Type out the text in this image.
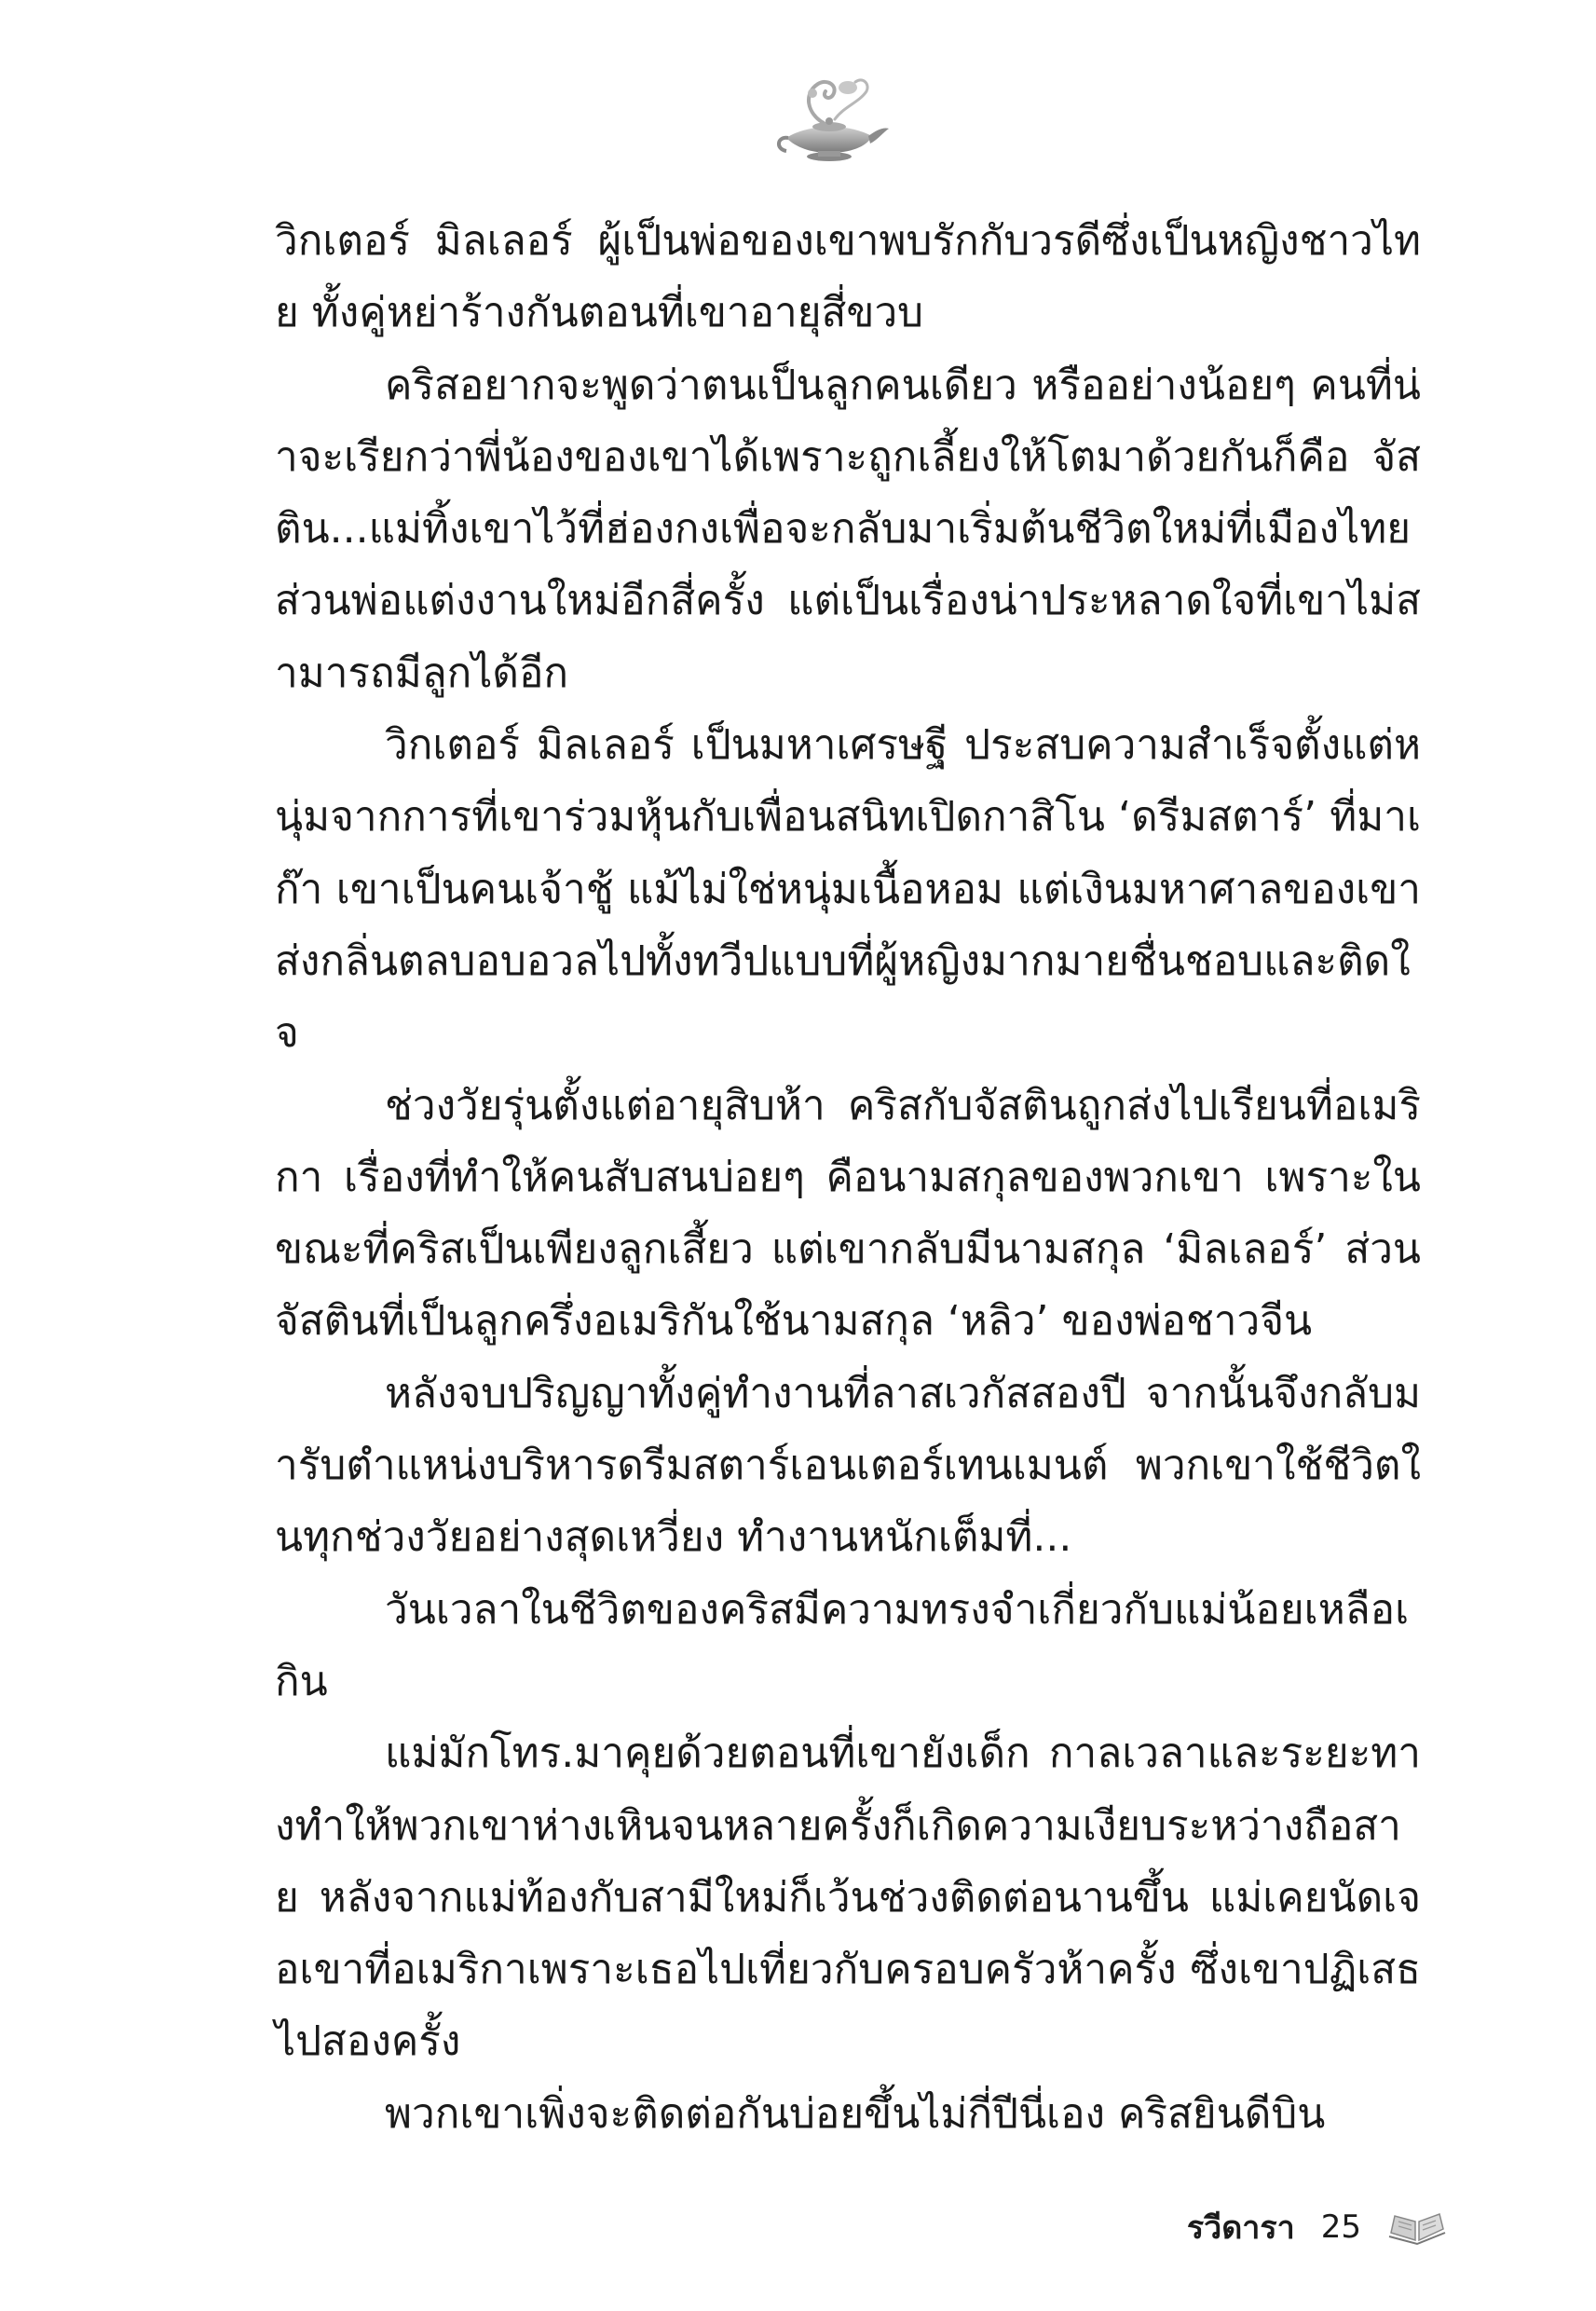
วิกเตอร์ มิลเลอร์ ผู้เป็นพ่อของเขาพบรักกับวรดีซึ่งเป็นหญิงชาวไทย ทั้งคู่หย่าร้างกันตอนที่เขาอายุสี่ขวบ

คริสอยากจะพูดว่าตนเป็นลูกคนเดียว หรืออย่างน้อยๆ คนที่น่าจะเรียกว่าพี่น้องของเขาได้เพราะถูกเลี้ยงให้โตมาด้วยกันก็คือ จัสติน...แม่ทิ้งเขาไว้ที่ฮ่องกงเพื่อจะกลับมาเริ่มต้นชีวิตใหม่ที่เมืองไทย ส่วนพ่อแต่งงานใหม่อีกสี่ครั้ง แต่เป็นเรื่องน่าประหลาดใจที่เขาไม่สามารถมีลูกได้อีก

วิกเตอร์ มิลเลอร์ เป็นมหาเศรษฐี ประสบความสำเร็จตั้งแต่หนุ่มจากการที่เขาร่วมหุ้นกับเพื่อนสนิทเปิดกาสิโน ‘ดรีมสตาร์’ ที่มาเก๊า เขาเป็นคนเจ้าชู้ แม้ไม่ใช่หนุ่มเนื้อหอม แต่เงินมหาศาลของเขาส่งกลิ่นตลบอบอวลไปทั้งทวีปแบบที่ผู้หญิงมากมายชื่นชอบและติดใจ

ช่วงวัยรุ่นตั้งแต่อายุสิบห้า คริสกับจัสตินถูกส่งไปเรียนที่อเมริกา เรื่องที่ทำให้คนสับสนบ่อยๆ คือนามสกุลของพวกเขา เพราะในขณะที่คริสเป็นเพียงลูกเสี้ยว แต่เขากลับมีนามสกุล ‘มิลเลอร์’ ส่วนจัสตินที่เป็นลูกครึ่งอเมริกันใช้นามสกุล ‘หลิว’ ของพ่อชาวจีน

หลังจบปริญญาทั้งคู่ทำงานที่ลาสเวกัสสองปี จากนั้นจึงกลับมารับตำแหน่งบริหารดรีมสตาร์เอนเตอร์เทนเมนต์ พวกเขาใช้ชีวิตในทุกช่วงวัยอย่างสุดเหวี่ยง ทำงานหนักเต็มที่...

วันเวลาในชีวิตของคริสมีความทรงจำเกี่ยวกับแม่น้อยเหลือเกิน

แม่มักโทร.มาคุยด้วยตอนที่เขายังเด็ก กาลเวลาและระยะทางทำให้พวกเขาห่างเหินจนหลายครั้งก็เกิดความเงียบระหว่างถือสาย หลังจากแม่ท้องกับสามีใหม่ก็เว้นช่วงติดต่อนานขึ้น แม่เคยนัดเจอเขาที่อเมริกาเพราะเธอไปเที่ยวกับครอบครัวห้าครั้ง ซึ่งเขาปฏิเสธไปสองครั้ง

พวกเขาเพิ่งจะติดต่อกันบ่อยขึ้นไม่กี่ปีนี่เอง คริสยินดีบิน

รวีดารา 25
